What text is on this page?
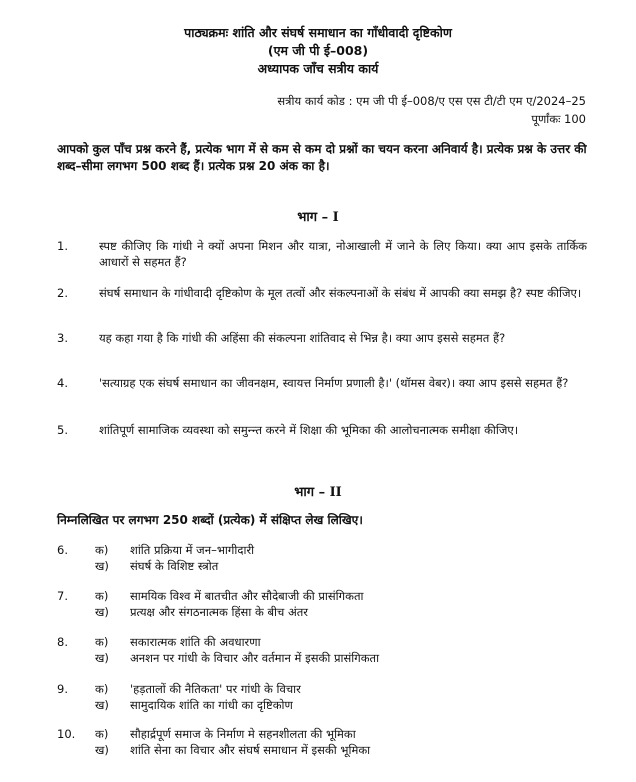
पाठ्यक्रमः शांति और संघर्ष समाधान का गाँधीवादी दृष्टिकोण
(एम जी पी ई–008)
अध्यापक जाँच सत्रीय कार्य
सत्रीय कार्य कोड : एम जी पी ई–008/ए एस एस टी/टी एम ए/2024–25
पूर्णांकः 100
आपको कुल पाँच प्रश्न करने हैं, प्रत्येक भाग में से कम से कम दो प्रश्नों का चयन करना अनिवार्य है। प्रत्येक प्रश्न के उत्तर की शब्द–सीमा लगभग 500 शब्द हैं। प्रत्येक प्रश्न 20 अंक का है।
भाग – I
1.	स्पष्ट कीजिए कि गांधी ने क्यों अपना मिशन और यात्रा, नोआखाली में जाने के लिए किया। क्या आप इसके तार्किक आधारों से सहमत हैं?
2.	संघर्ष समाधान के गांधीवादी दृष्टिकोण के मूल तत्वों और संकल्पनाओं के संबंध में आपकी क्या समझ है? स्पष्ट कीजिए।
3.	यह कहा गया है कि गांधी की अहिंसा की संकल्पना शांतिवाद से भिन्न है। क्या आप इससे सहमत हैं?
4.	'सत्याग्रह एक संघर्ष समाधान का जीवनक्षम, स्वायत्त निर्माण प्रणाली है।' (थॉमस वेबर)। क्या आप इससे सहमत हैं?
5.	शांतिपूर्ण सामाजिक व्यवस्था को समुन्न्त करने में शिक्षा की भूमिका की आलोचनात्मक समीक्षा कीजिए।
भाग – II
निम्नलिखित पर लगभग 250 शब्दों (प्रत्येक) में संक्षिप्त लेख लिखिए।
6. क) शांति प्रक्रिया में जन–भागीदारी
ख) संघर्ष के विशिष्ट स्त्रोत
7. क) सामयिक विश्व में बातचीत और सौदेबाजी की प्रासंगिकता
ख) प्रत्यक्ष और संगठनात्मक हिंसा के बीच अंतर
8. क) सकारात्मक शांति की अवधारणा
ख) अनशन पर गांधी के विचार और वर्तमान में इसकी प्रासंगिकता
9. क) 'हड़तालों की नैतिकता' पर गांधी के विचार
ख) सामुदायिक शांति का गांधी का दृष्टिकोण
10. क) सौहार्द्रपूर्ण समाज के निर्माण मे सहनशीलता की भूमिका
ख) शांति सेना का विचार और संघर्ष समाधान में इसकी भूमिका
